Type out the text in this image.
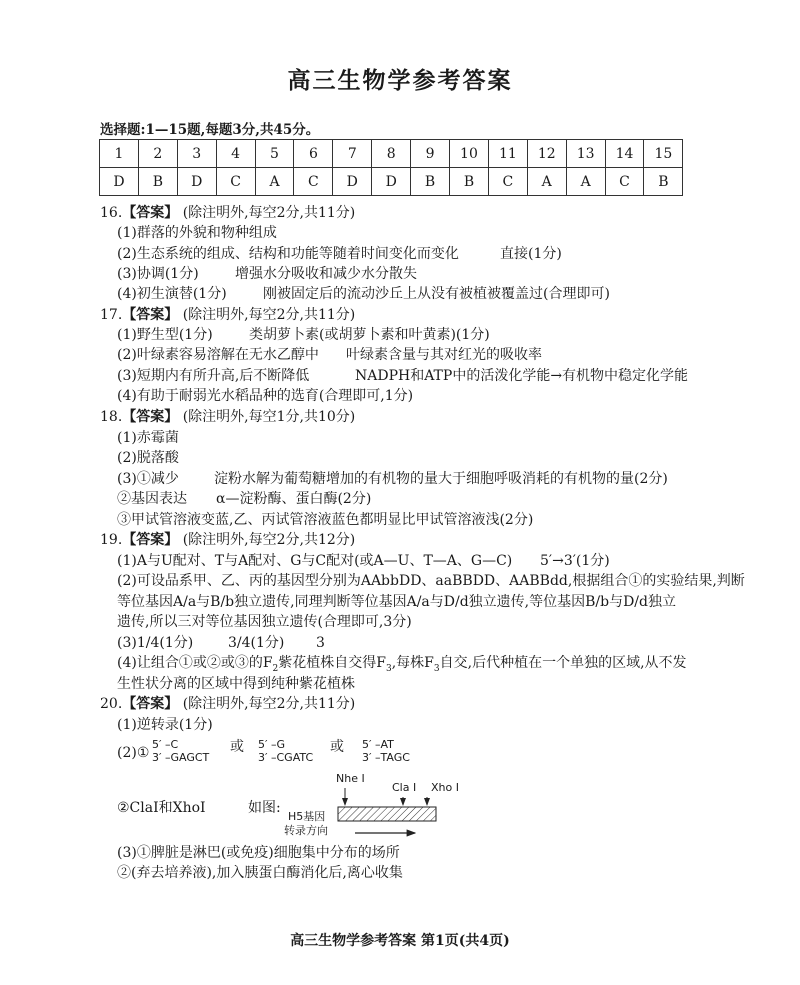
高三生物学参考答案
选择题:1—15题,每题3分,共45分。
1	2	3	4	5	6	7	8	9	10	11	12	13	14	15
D	B	D	C	A	C	D	D	B	B	C	A	A	C	B
16.【答案】 (除注明外,每空2分,共11分)
(1)群落的外貌和物种组成
(2)生态系统的组成、结构和功能等随着时间变化而变化	直接(1分)
(3)协调(1分)	增强水分吸收和减少水分散失
(4)初生演替(1分)	刚被固定后的流动沙丘上从没有被植被覆盖过(合理即可)
17.【答案】 (除注明外,每空2分,共11分)
(1)野生型(1分)	类胡萝卜素(或胡萝卜素和叶黄素)(1分)
(2)叶绿素容易溶解在无水乙醇中 叶绿素含量与其对红光的吸收率
(3)短期内有所升高,后不断降低	NADPH和ATP中的活泼化学能→有机物中稳定化学能
(4)有助于耐弱光水稻品种的选育(合理即可,1分)
18.【答案】 (除注明外,每空1分,共10分)
(1)赤霉菌
(2)脱落酸
(3)①减少	淀粉水解为葡萄糖增加的有机物的量大于细胞呼吸消耗的有机物的量(2分)
②基因表达 α—淀粉酶、蛋白酶(2分)
③甲试管溶液变蓝,乙、丙试管溶液蓝色都明显比甲试管溶液浅(2分)
19.【答案】 (除注明外,每空2分,共12分)
(1)A与U配对、T与A配对、G与C配对(或A—U、T—A、G—C) 5′→3′(1分)
(2)可设品系甲、乙、丙的基因型分别为AAbbDD、aaBBDD、AABBdd,根据组合①的实验结果,判断
等位基因A/a与B/b独立遗传,同理判断等位基因A/a与D/d独立遗传,等位基因B/b与D/d独立
遗传,所以三对等位基因独立遗传(合理即可,3分)
(3)1/4(1分) 3/4(1分) 3
(4)让组合①或②或③的$F_2$紫花植株自交得$F_3$,每株$F_3$自交,后代种植在一个单独的区域,从不发
生性状分离的区域中得到纯种紫花植株
20.【答案】 (除注明外,每空2分,共11分)
(1)逆转录(1分)
(2)①
5′ –C
3′ –GAGCT
或 5′ –G
3′ –CGATC
或 5′ –AT
3′ –TAGC
②ClaⅠ和XhoⅠ	如图:
Nhe I
Cla I Xho I
H5基因
转录方向
(3)①脾脏是淋巴(或免疫)细胞集中分布的场所
②(弃去培养液),加入胰蛋白酶消化后,离心收集
高三生物学参考答案 第1页(共4页)
